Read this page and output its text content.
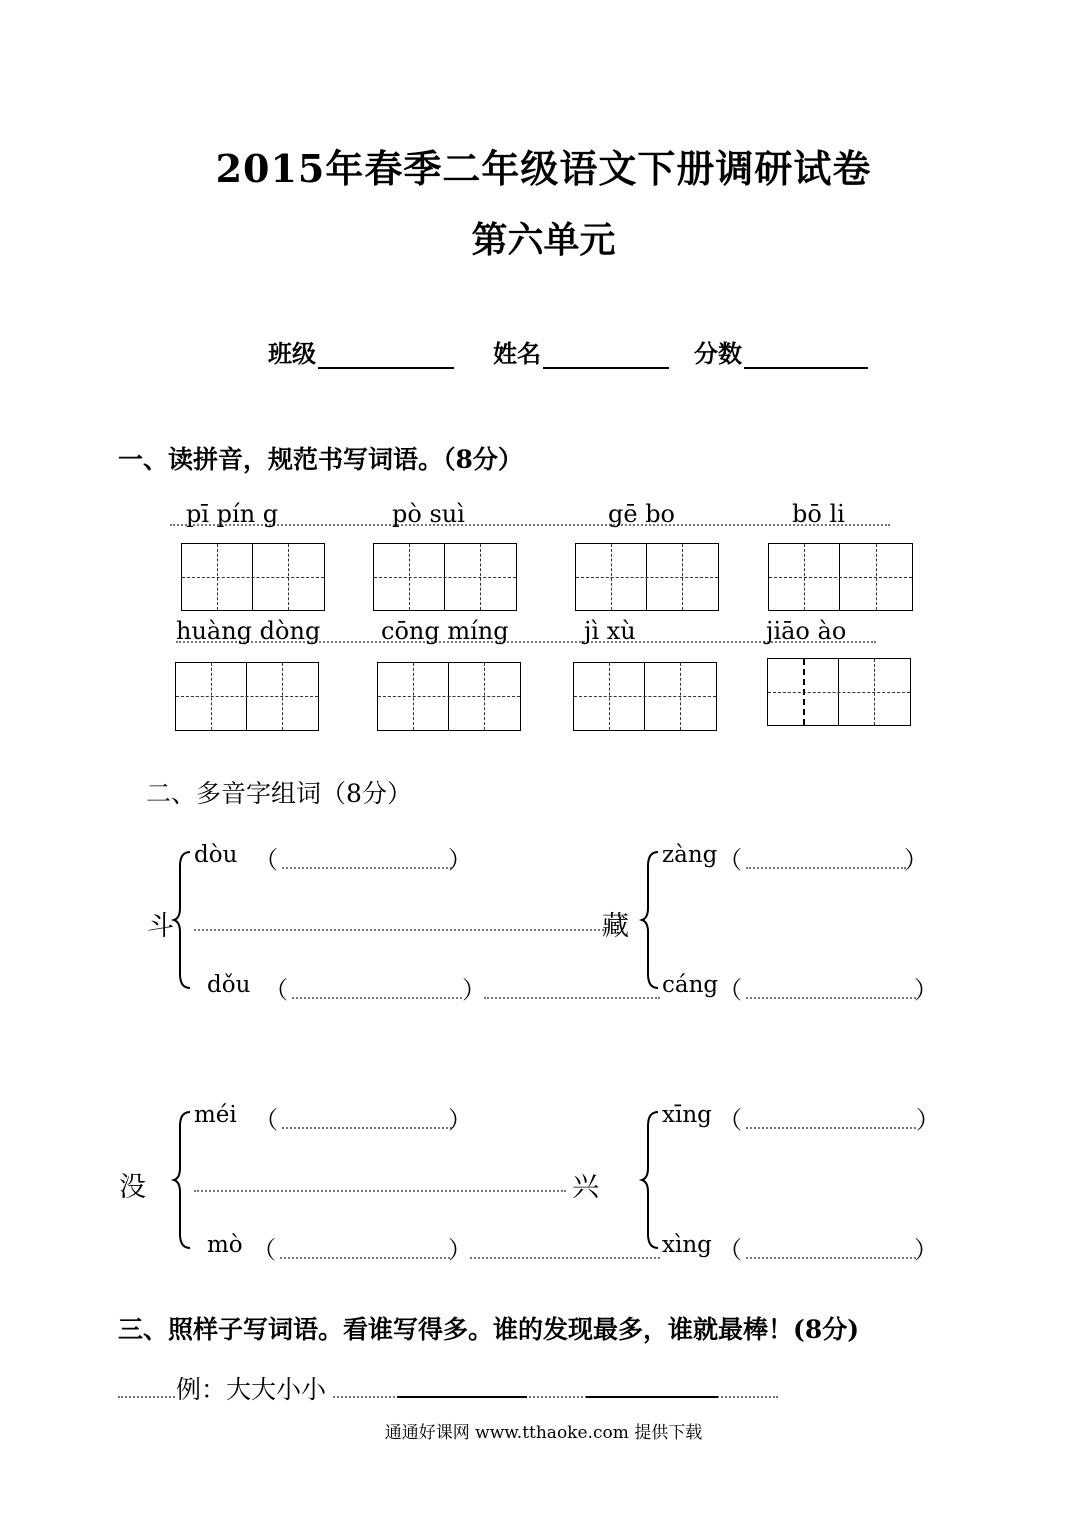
2015年春季二年级语文下册调研试卷
第六单元
班级	姓名	分数
一、读拼音，规范书写词语。（8分）
pī pín g	pò suì	gē bo	bō li
huàng dòng	cōng míng	jì xù	jiāo ào
二、多音字组词（8分）
斗
dòu （	）
dǒu （	）
藏
zàng （	）
cáng （	）
没
méi （	）
mò （	）
兴
xīng （	）
xìng （	）
三、照样子写词语。看谁写得多。谁的发现最多，谁就最棒！(8分)
例：大大小小
通通好课网 www.tthaoke.com 提供下载
